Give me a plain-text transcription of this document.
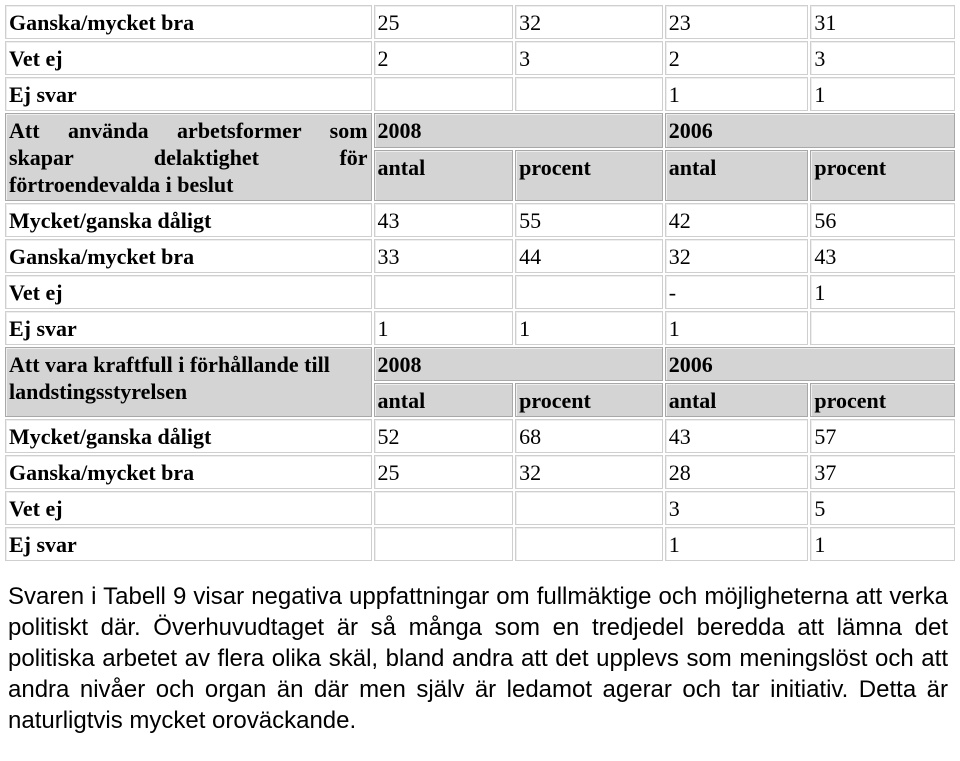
Ganska/mycket bra	25	32	23	31
Vet ej	2	3	2	3
Ej svar			1	1
Att använda arbetsformer som skapar delaktighet för förtroendevalda i beslut	2008		2006	
	antal	procent	antal	procent
Mycket/ganska dåligt	43	55	42	56
Ganska/mycket bra	33	44	32	43
Vet ej			-	1
Ej svar	1	1	1	
Att vara kraftfull i förhållande till landstingsstyrelsen	2008		2006	
	antal	procent	antal	procent
Mycket/ganska dåligt	52	68	43	57
Ganska/mycket bra	25	32	28	37
Vet ej			3	5
Ej svar			1	1

Svaren i Tabell 9 visar negativa uppfattningar om fullmäktige och möjligheterna att verka politiskt där. Överhuvudtaget är så många som en tredjedel beredda att lämna det politiska arbetet av flera olika skäl, bland andra att det upplevs som meningslöst och att andra nivåer och organ än där men själv är ledamot agerar och tar initiativ. Detta är naturligtvis mycket oroväckande.
